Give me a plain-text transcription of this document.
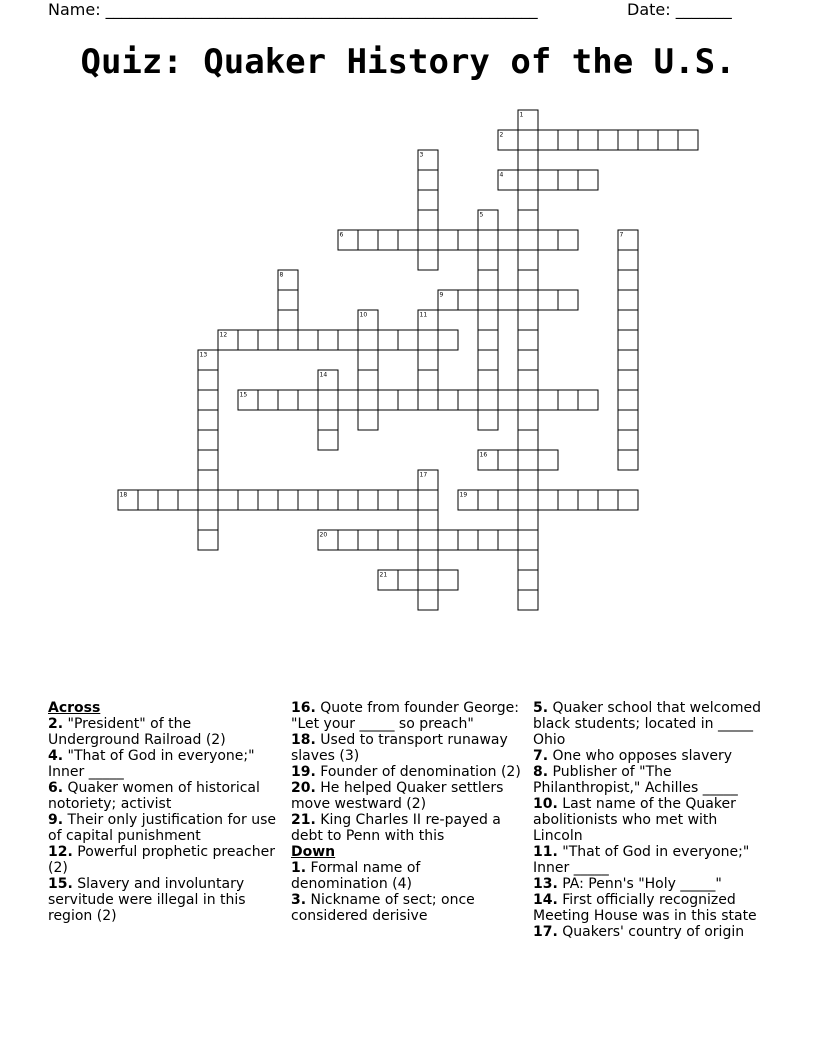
Name: ______________________________________________________	Date: _______
Quiz: Quaker History of the U.S.
1
2
3
4
5
6	7
8
9
10	11
12
13
14
15
16
17
18	19
20
21
Across
2. "President" of the Underground Railroad (2)
4. "That of God in everyone;" Inner _____
6. Quaker women of historical notoriety; activist
9. Their only justification for use of capital punishment
12. Powerful prophetic preacher (2)
15. Slavery and involuntary servitude were illegal in this region (2)
16. Quote from founder George: "Let your _____ so preach"
18. Used to transport runaway slaves (3)
19. Founder of denomination (2)
20. He helped Quaker settlers move westward (2)
21. King Charles II re-payed a debt to Penn with this
Down
1. Formal name of denomination (4)
3. Nickname of sect; once considered derisive
5. Quaker school that welcomed black students; located in _____ Ohio
7. One who opposes slavery
8. Publisher of "The Philanthropist," Achilles _____
10. Last name of the Quaker abolitionists who met with Lincoln
11. "That of God in everyone;" Inner _____
13. PA: Penn's "Holy _____"
14. First officially recognized Meeting House was in this state
17. Quakers' country of origin
